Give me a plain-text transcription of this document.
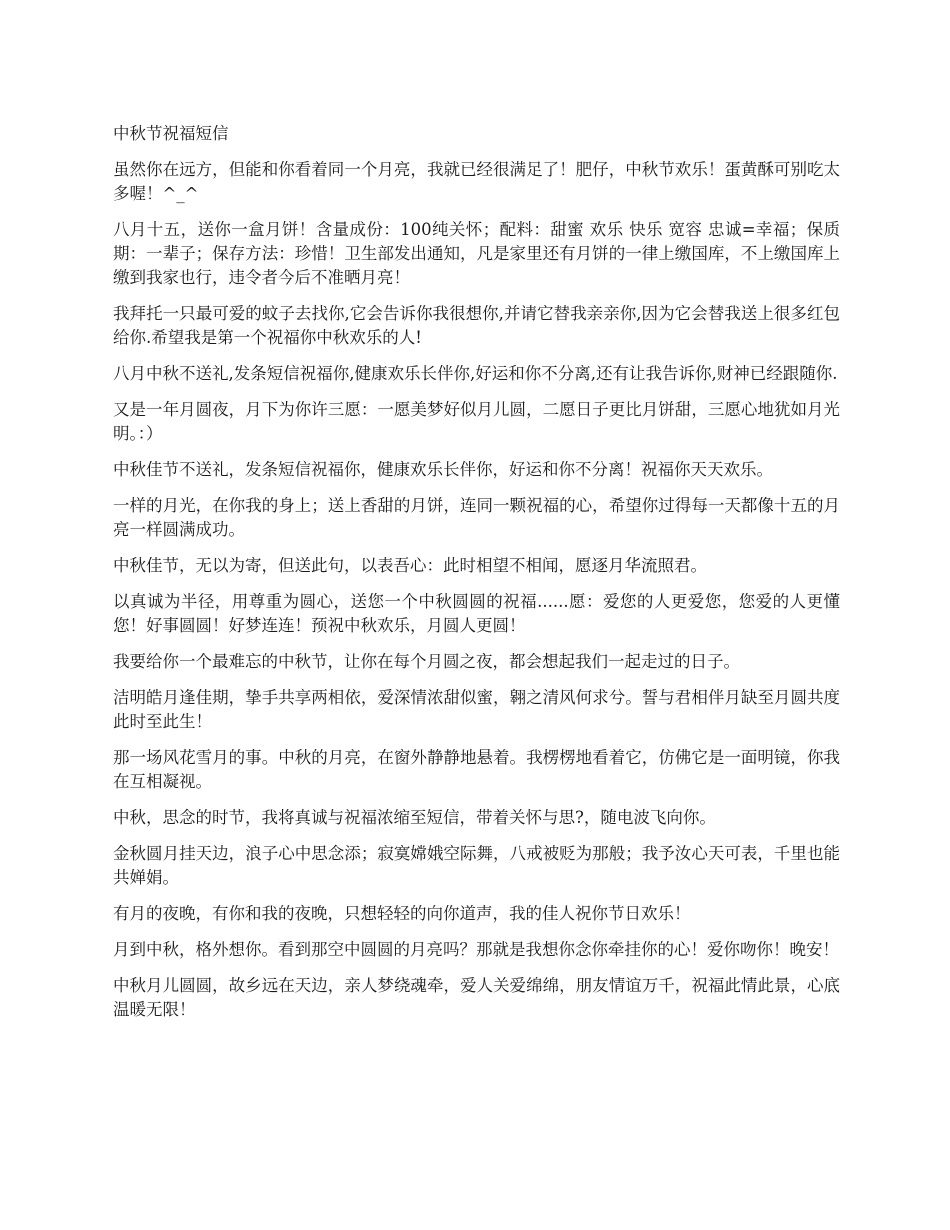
中秋节祝福短信

虽然你在远方，但能和你看着同一个月亮，我就已经很满足了！肥仔，中秋节欢乐！蛋黄酥可别吃太多喔！^_^

八月十五，送你一盒月饼！含量成份：100纯关怀；配料：甜蜜 欢乐 快乐 宽容 忠诚=幸福；保质期：一辈子；保存方法：珍惜！卫生部发出通知，凡是家里还有月饼的一律上缴国库，不上缴国库上缴到我家也行，违令者今后不准晒月亮！

我拜托一只最可爱的蚊子去找你,它会告诉你我很想你,并请它替我亲亲你,因为它会替我送上很多红包给你.希望我是第一个祝福你中秋欢乐的人!

八月中秋不送礼,发条短信祝福你,健康欢乐长伴你,好运和你不分离,还有让我告诉你,财神已经跟随你.

又是一年月圆夜，月下为你许三愿：一愿美梦好似月儿圆，二愿日子更比月饼甜，三愿心地犹如月光明。：）

中秋佳节不送礼，发条短信祝福你，健康欢乐长伴你，好运和你不分离！祝福你天天欢乐。

一样的月光，在你我的身上；送上香甜的月饼，连同一颗祝福的心，希望你过得每一天都像十五的月亮一样圆满成功。

中秋佳节，无以为寄，但送此句，以表吾心：此时相望不相闻，愿逐月华流照君。

以真诚为半径，用尊重为圆心，送您一个中秋圆圆的祝福......愿：爱您的人更爱您，您爱的人更懂您！好事圆圆！好梦连连！预祝中秋欢乐，月圆人更圆！

我要给你一个最难忘的中秋节，让你在每个月圆之夜，都会想起我们一起走过的日子。

洁明皓月逢佳期，挚手共享两相依，爱深情浓甜似蜜，翱之清风何求兮。誓与君相伴月缺至月圆共度此时至此生！

那一场风花雪月的事。中秋的月亮，在窗外静静地悬着。我楞楞地看着它，仿佛它是一面明镜，你我在互相凝视。

中秋，思念的时节，我将真诚与祝福浓缩至短信，带着关怀与思?，随电波飞向你。

金秋圆月挂天边，浪子心中思念添；寂寞嫦娥空际舞，八戒被贬为那般；我予汝心天可表，千里也能共婵娟。

有月的夜晚，有你和我的夜晚，只想轻轻的向你道声，我的佳人祝你节日欢乐！

月到中秋，格外想你。看到那空中圆圆的月亮吗？那就是我想你念你牵挂你的心！爱你吻你！晚安！

中秋月儿圆圆，故乡远在天边，亲人梦绕魂牵，爱人关爱绵绵，朋友情谊万千，祝福此情此景，心底温暖无限！
